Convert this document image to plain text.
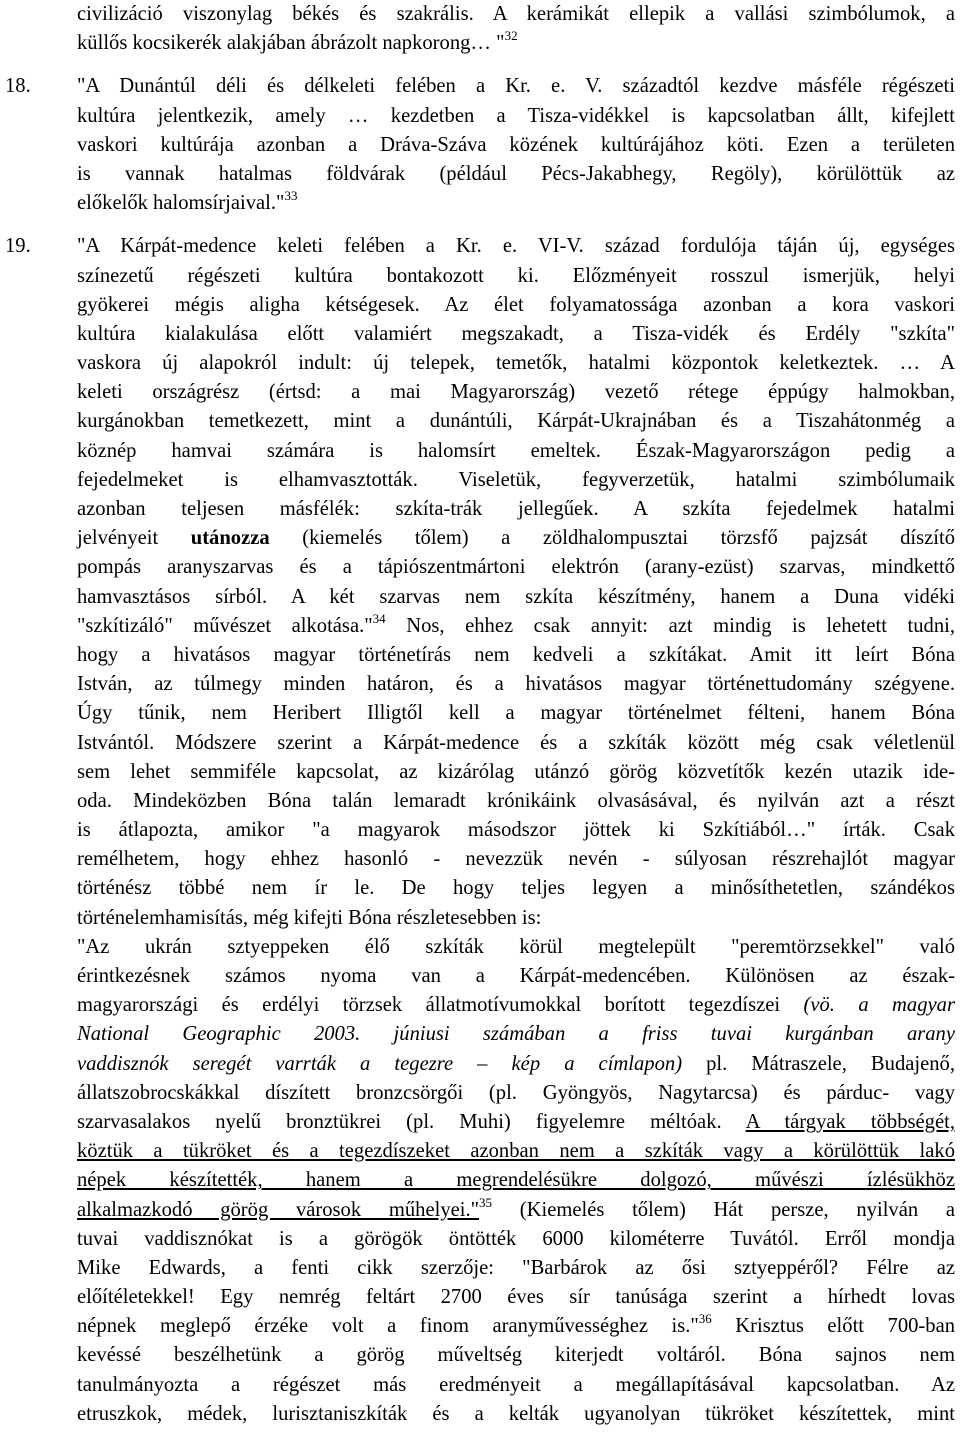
civilizáció viszonylag békés és szakrális. A kerámikát ellepik a vallási szimbólumok, a
küllős kocsikerék alakjában ábrázolt napkorong… "$^{32}$
18. "A Dunántúl déli és délkeleti felében a Kr. e. V. századtól kezdve másféle régészeti
kultúra jelentkezik, amely … kezdetben a Tisza-vidékkel is kapcsolatban állt, kifejlett
vaskori kultúrája azonban a Dráva-Száva közének kultúrájához köti. Ezen a területen
is vannak hatalmas földvárak (például Pécs-Jakabhegy, Regöly), körülöttük az
előkelők halomsírjaival."$^{33}$
19. "A Kárpát-medence keleti felében a Kr. e. VI-V. század fordulója táján új, egységes
színezetű régészeti kultúra bontakozott ki. Előzményeit rosszul ismerjük, helyi
gyökerei mégis aligha kétségesek. Az élet folyamatossága azonban a kora vaskori
kultúra kialakulása előtt valamiért megszakadt, a Tisza-vidék és Erdély "szkíta"
vaskora új alapokról indult: új telepek, temetők, hatalmi központok keletkeztek. … A
keleti országrész (értsd: a mai Magyarország) vezető rétege éppúgy halmokban,
kurgánokban temetkezett, mint a dunántúli, Kárpát-Ukrajnában és a Tiszahátonmég a
köznép hamvai számára is halomsírt emeltek. Észak-Magyarországon pedig a
fejedelmeket is elhamvasztották. Viseletük, fegyverzetük, hatalmi szimbólumaik
azonban teljesen másfélék: szkíta-trák jellegűek. A szkíta fejedelmek hatalmi
jelvényeit utánozza (kiemelés tőlem) a zöldhalompusztai törzsfő pajzsát díszítő
pompás aranyszarvas és a tápiószentmártoni elektrón (arany-ezüst) szarvas, mindkettő
hamvasztásos sírból. A két szarvas nem szkíta készítmény, hanem a Duna vidéki
"szkítizáló" művészet alkotása."$^{34}$ Nos, ehhez csak annyit: azt mindig is lehetett tudni,
hogy a hivatásos magyar történetírás nem kedveli a szkítákat. Amit itt leírt Bóna
István, az túlmegy minden határon, és a hivatásos magyar történettudomány szégyene.
Úgy tűnik, nem Heribert Illigtől kell a magyar történelmet félteni, hanem Bóna
Istvántól. Módszere szerint a Kárpát-medence és a szkíták között még csak véletlenül
sem lehet semmiféle kapcsolat, az kizárólag utánzó görög közvetítők kezén utazik ide-
oda. Mindeközben Bóna talán lemaradt krónikáink olvasásával, és nyilván azt a részt
is átlapozta, amikor "a magyarok másodszor jöttek ki Szkítiából…" írták. Csak
remélhetem, hogy ehhez hasonló - nevezzük nevén - súlyosan részrehajlót magyar
történész többé nem ír le. De hogy teljes legyen a minősíthetetlen, szándékos
történelemhamisítás, még kifejti Bóna részletesebben is:
"Az ukrán sztyeppeken élő szkíták körül megtelepült "peremtörzsekkel" való
érintkezésnek számos nyoma van a Kárpát-medencében. Különösen az észak-
magyarországi és erdélyi törzsek állatmotívumokkal borított tegezdíszei (vö. a magyar
National Geographic 2003. júniusi számában a friss tuvai kurgánban arany
vaddisznók seregét varrták a tegezre – kép a címlapon) pl. Mátraszele, Budajenő,
állatszobrocskákkal díszített bronzcsörgői (pl. Gyöngyös, Nagytarcsa) és párduc- vagy
szarvasalakos nyelű bronztükrei (pl. Muhi) figyelemre méltóak. A tárgyak többségét,
köztük a tükröket és a tegezdíszeket azonban nem a szkíták vagy a körülöttük lakó
népek készítették, hanem a megrendelésükre dolgozó, művészi ízlésükhöz
alkalmazkodó görög városok műhelyei."$^{35}$ (Kiemelés tőlem) Hát persze, nyilván a
tuvai vaddisznókat is a görögök öntötték 6000 kilométerre Tuvától. Erről mondja
Mike Edwards, a fenti cikk szerzője: "Barbárok az ősi sztyeppéről? Félre az
előítéletekkel! Egy nemrég feltárt 2700 éves sír tanúsága szerint a hírhedt lovas
népnek meglepő érzéke volt a finom aranyművességhez is."$^{36}$ Krisztus előtt 700-ban
kevéssé beszélhetünk a görög műveltség kiterjedt voltáról. Bóna sajnos nem
tanulmányozta a régészet más eredményeit a megállapításával kapcsolatban. Az
etruszkok, médek, lurisztaniszkíták és a kelták ugyanolyan tükröket készítettek, mint
